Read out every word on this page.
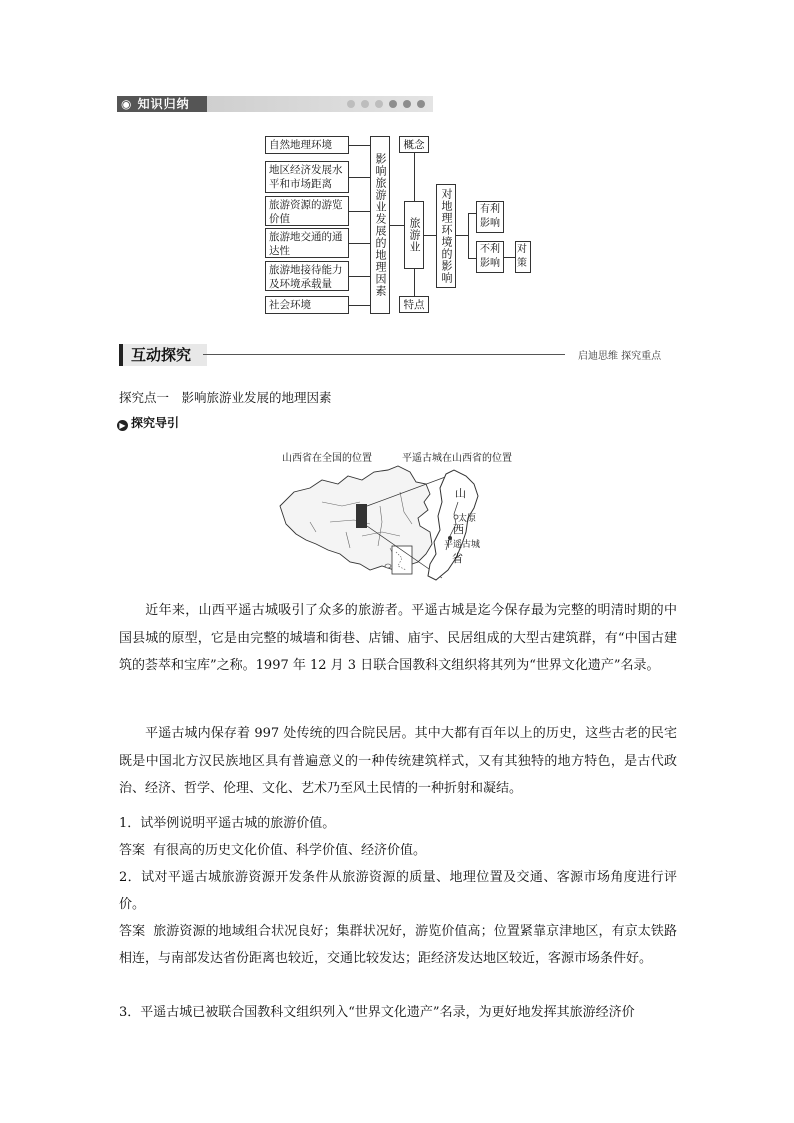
◉ 知识归纳
自然地理环境
地区经济发展水平和市场距离
旅游资源的游览价值
旅游地交通的通达性
旅游地接待能力及环境承载量
社会环境
影响旅游业发展的地理因素
概念
旅游业
特点
对地理环境的影响	有利影响
不利影响
对策
互动探究	启迪思维 探究重点
探究点一　影响旅游业发展的地理因素
▶ 探究导引
山西省在全国的位置	平遥古城在山西省的位置
山
太原
西
平遥古城
省
近年来，山西平遥古城吸引了众多的旅游者。平遥古城是迄今保存最为完整的明清时期的中国县城的原型，它是由完整的城墙和街巷、店铺、庙宇、民居组成的大型古建筑群，有“中国古建筑的荟萃和宝库”之称。1997 年 12 月 3 日联合国教科文组织将其列为“世界文化遗产”名录。
平遥古城内保存着 997 处传统的四合院民居。其中大都有百年以上的历史，这些古老的民宅既是中国北方汉民族地区具有普遍意义的一种传统建筑样式，又有其独特的地方特色，是古代政治、经济、哲学、伦理、文化、艺术乃至风土民情的一种折射和凝结。
1．试举例说明平遥古城的旅游价值。
答案 有很高的历史文化价值、科学价值、经济价值。
2．试对平遥古城旅游资源开发条件从旅游资源的质量、地理位置及交通、客源市场角度进行评价。
答案 旅游资源的地域组合状况良好；集群状况好，游览价值高；位置紧靠京津地区，有京太铁路相连，与南部发达省份距离也较近，交通比较发达；距经济发达地区较近，客源市场条件好。
3．平遥古城已被联合国教科文组织列入“世界文化遗产”名录，为更好地发挥其旅游经济价
